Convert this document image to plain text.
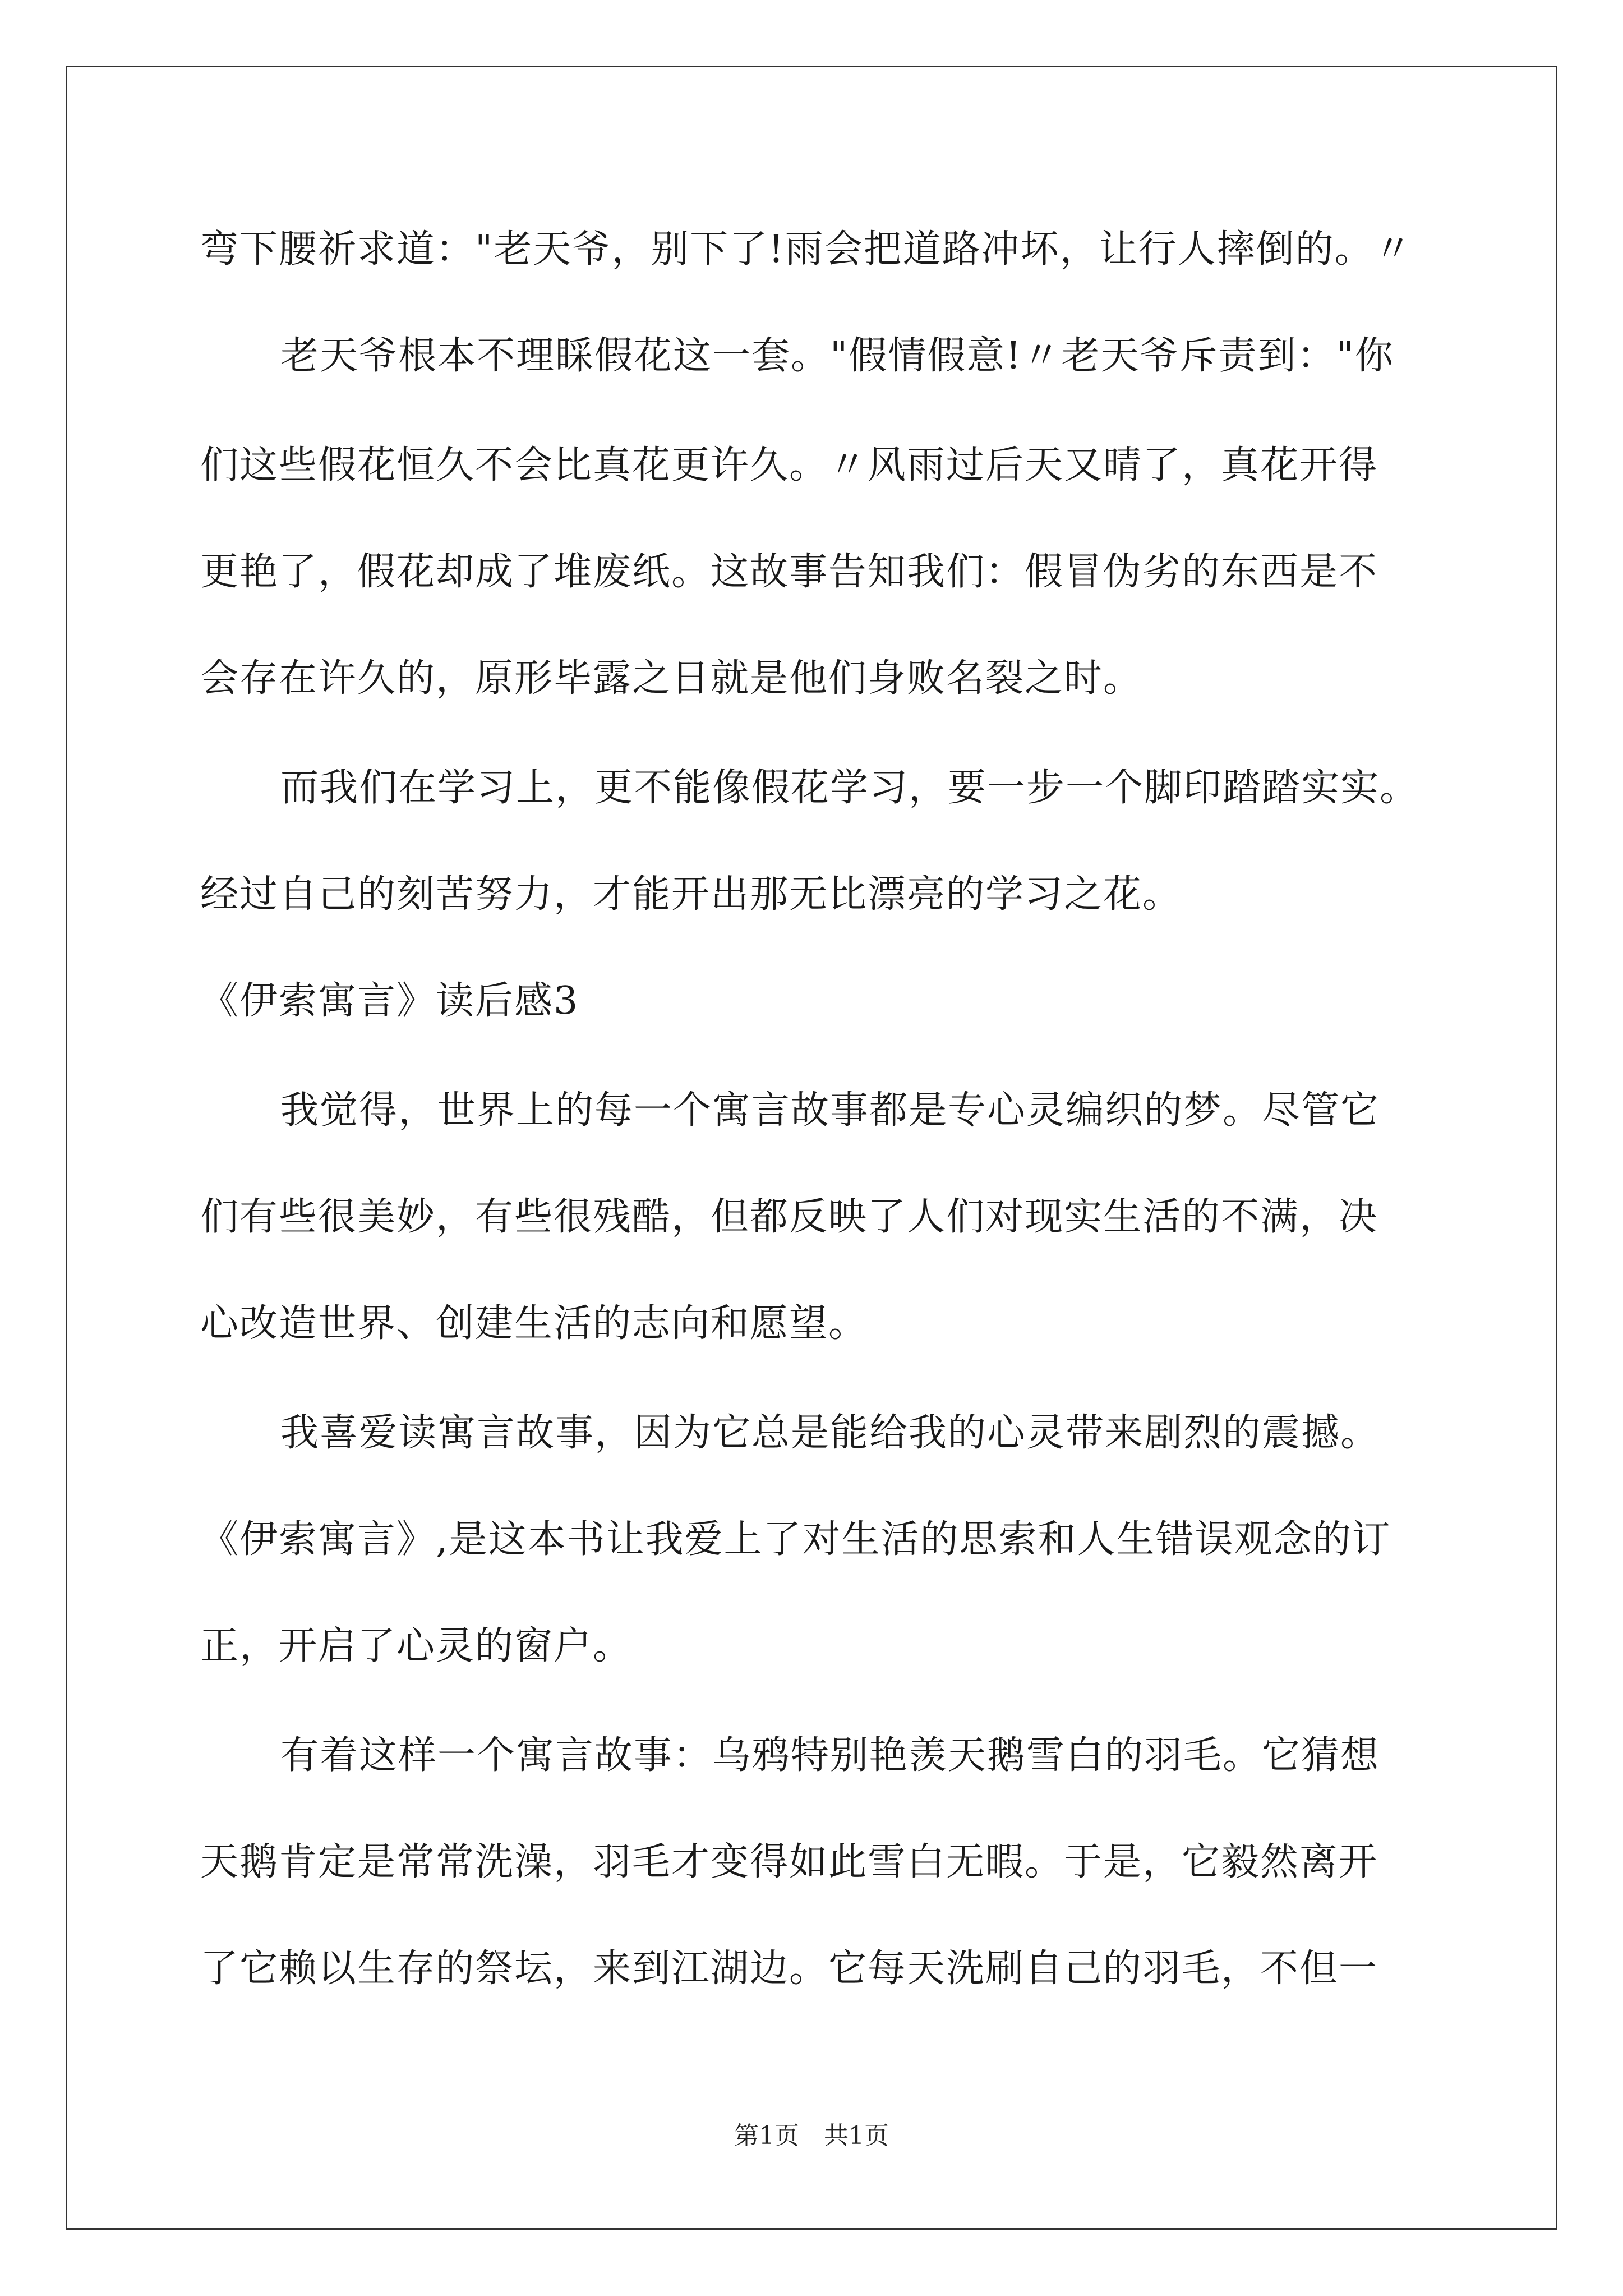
弯下腰祈求道："老天爷，别下了!雨会把道路冲坏，让行人摔倒的。〃
老天爷根本不理睬假花这一套。"假情假意!〃老天爷斥责到："你
们这些假花恒久不会比真花更许久。〃风雨过后天又晴了，真花开得
更艳了，假花却成了堆废纸。这故事告知我们：假冒伪劣的东西是不
会存在许久的，原形毕露之日就是他们身败名裂之时。
而我们在学习上，更不能像假花学习，要一步一个脚印踏踏实实。
经过自己的刻苦努力，才能开出那无比漂亮的学习之花。
《伊索寓言》读后感3
我觉得，世界上的每一个寓言故事都是专心灵编织的梦。尽管它
们有些很美妙，有些很残酷，但都反映了人们对现实生活的不满，决
心改造世界、创建生活的志向和愿望。
我喜爱读寓言故事，因为它总是能给我的心灵带来剧烈的震撼。
《伊索寓言》,是这本书让我爱上了对生活的思索和人生错误观念的订
正，开启了心灵的窗户。
有着这样一个寓言故事：乌鸦特别艳羡天鹅雪白的羽毛。它猜想
天鹅肯定是常常洗澡，羽毛才变得如此雪白无暇。于是，它毅然离开
了它赖以生存的祭坛，来到江湖边。它每天洗刷自己的羽毛，不但一
第1页　共1页
